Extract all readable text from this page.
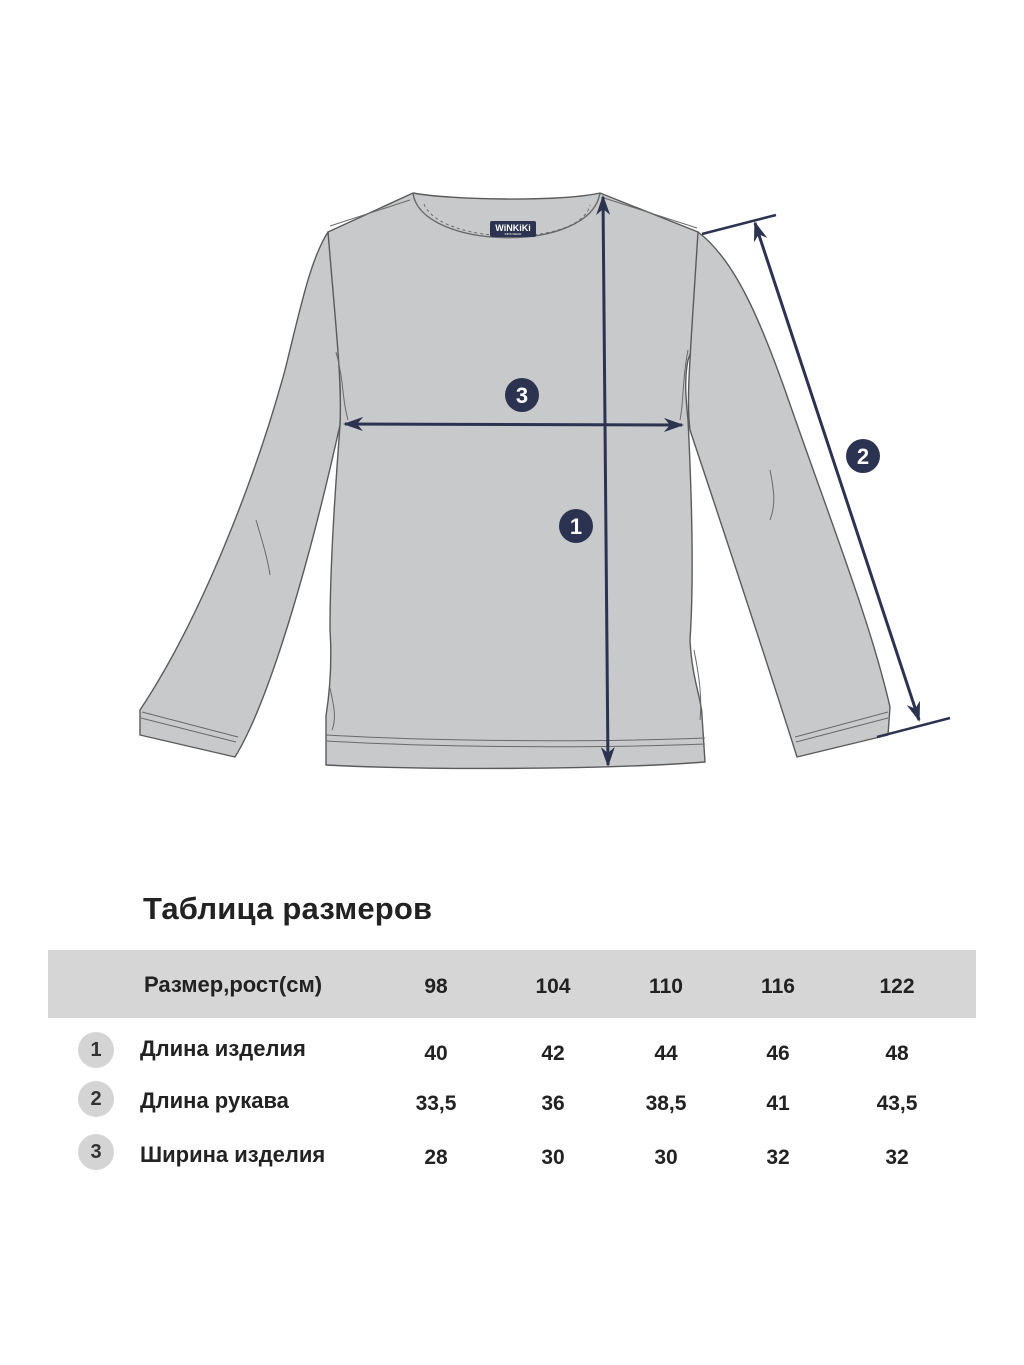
WiNKiKi
KIDS WEAR
1
2
3
Таблица размеров
Размер,рост(см)	98	104	110	116	122
1	Длина изделия	40	42	44	46	48
2	Длина рукава	33,5	36	38,5	41	43,5
3	Ширина изделия	28	30	30	32	32
